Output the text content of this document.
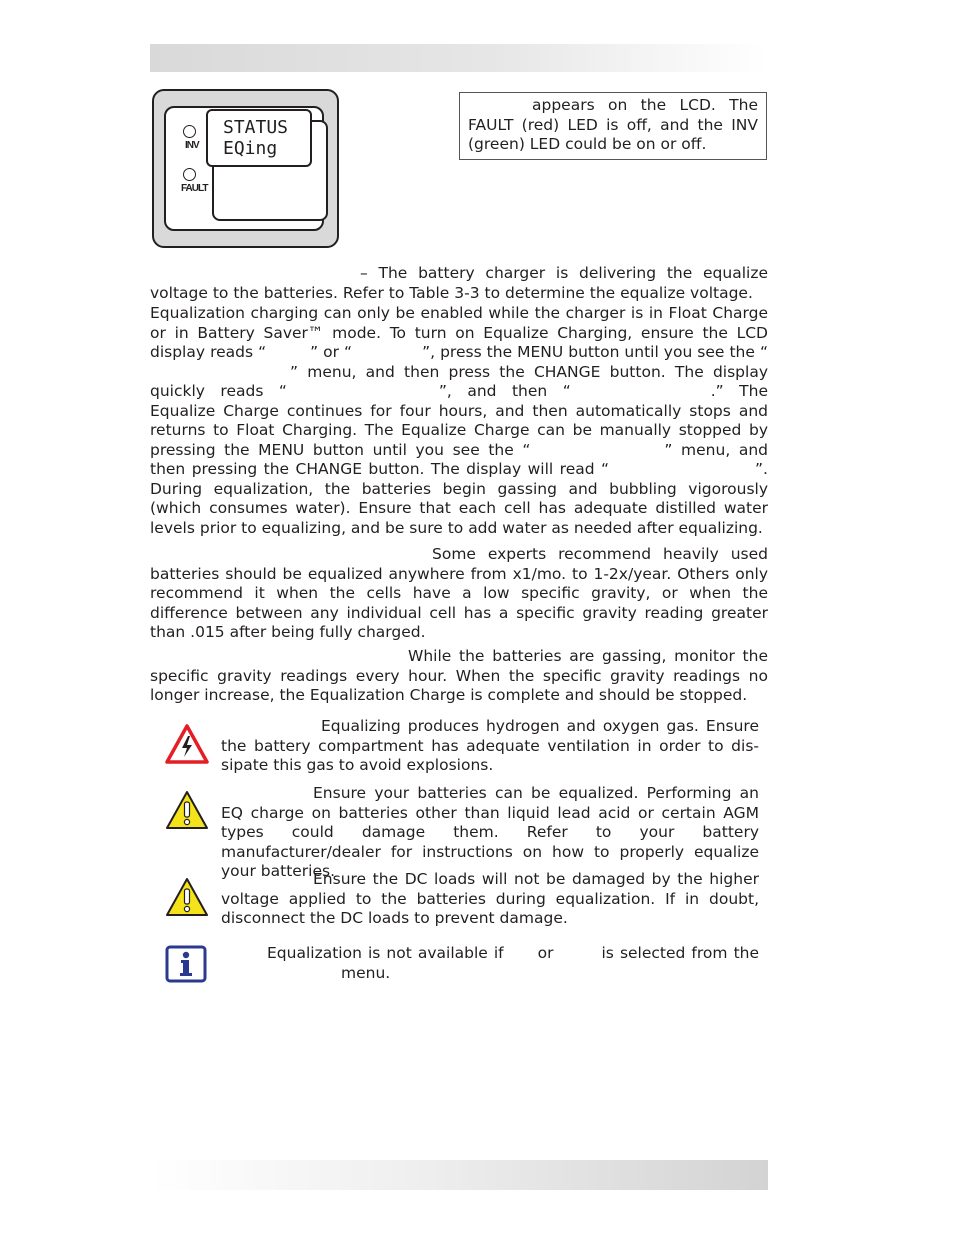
INV
FAULT
STATUS
EQing
appears on the LCD. The FAULT (red) LED is off, and the INV (green) LED could be on or off.

– The battery charger is delivering the equalize voltage to the batteries. Refer to Table 3-3 to determine the equalize voltage.

Equalization charging can only be enabled while the charger is in Float Charge or in Battery Saver™ mode. To turn on Equalize Charging, ensure the LCD display reads “	” or “	”, press the MENU button until you see the “” menu, and then press the CHANGE button. The display quickly reads “	”, and then “	.” The Equalize Charge continues for four hours, and then automatically stops and returns to Float Charging. The Equalize Charge can be manually stopped by pressing the MENU button until you see the “	” menu, and then pressing the CHANGE button. The display will read “	”. During equalization, the batteries begin gassing and bubbling vigorously (which consumes water). Ensure that each cell has adequate distilled water levels prior to equalizing, and be sure to add water as needed after equalizing.

Some experts recommend heavily used batteries should be equalized anywhere from x1/mo. to 1-2x/year. Others only recommend it when the cells have a low specific gravity, or when the difference between any individual cell has a specific gravity reading greater than .015 after being fully charged.
While the batteries are gassing, monitor the specific gravity readings every hour. When the specific gravity readings no longer increase, the Equalization Charge is complete and should be stopped.
Equalizing produces hydrogen and oxygen gas. Ensure the battery compartment has adequate ventilation in order to dis-sipate this gas to avoid explosions.
Ensure your batteries can be equalized. Performing an EQ charge on batteries other than liquid lead acid or certain AGM types could damage them. Refer to your battery manufacturer/dealer for instructions on how to properly equalize your batteries.
Ensure the DC loads will not be damaged by the higher voltage applied to the batteries during equalization. If in doubt, disconnect the DC loads to prevent damage.
Equalization is not available if or	is selected from themenu.
